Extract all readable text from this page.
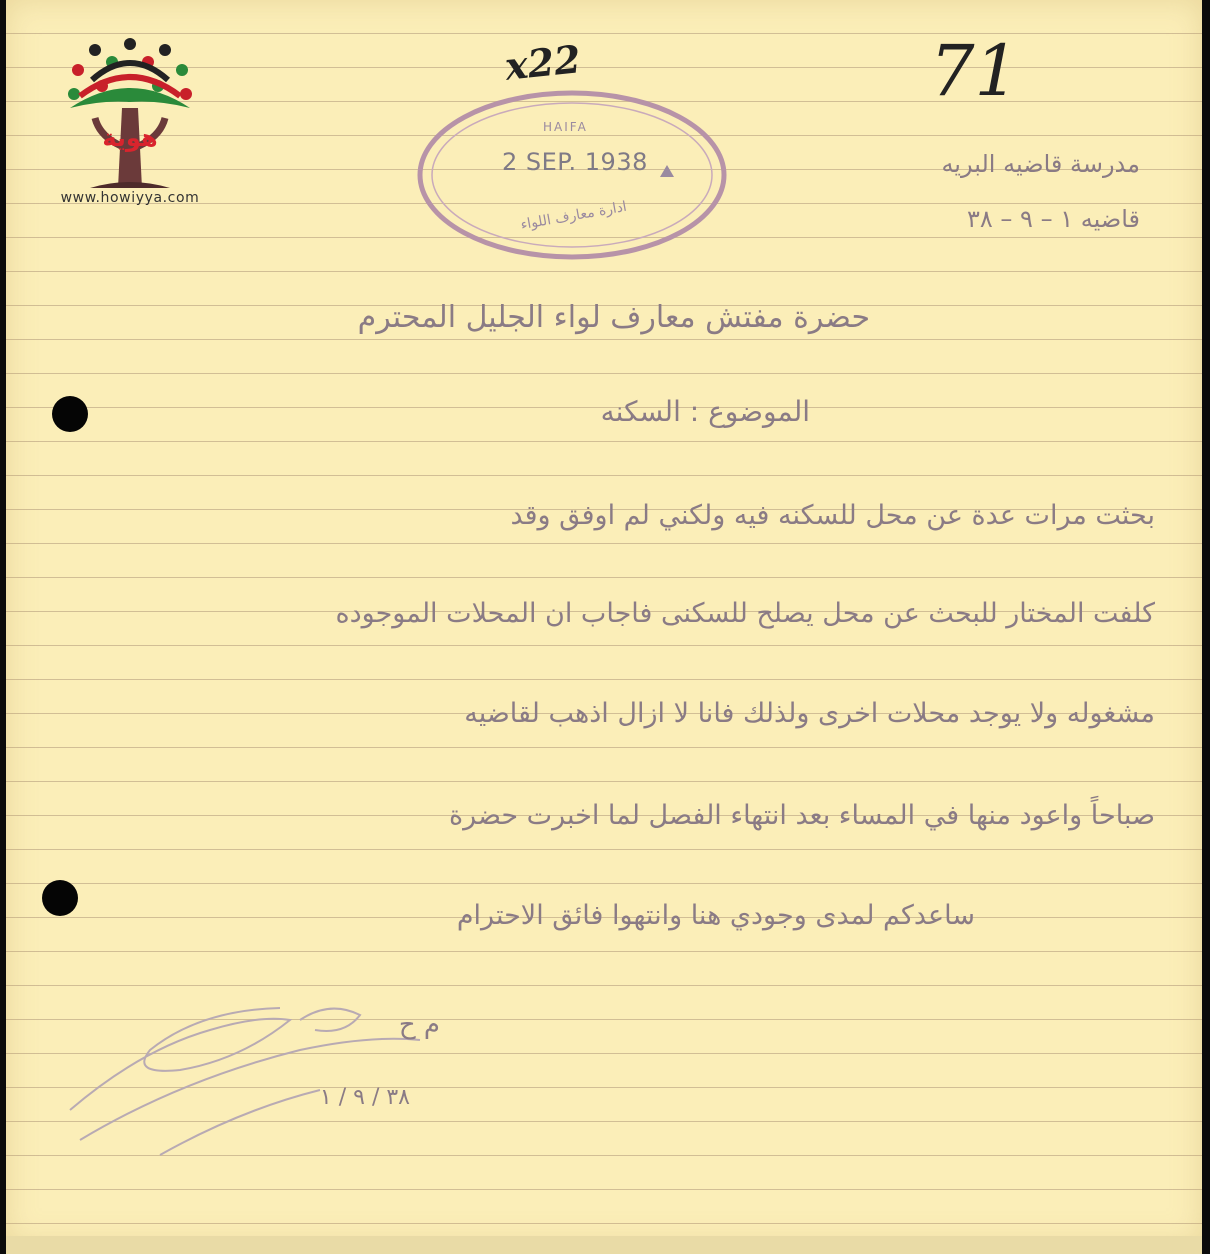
هوية
www.howiyya.com
x22	71
HAIFA
2 SEP. 1938
ادارة معارف اللواء
مدرسة قاضيه البريه
قاضيه ١ – ٩ – ٣٨
حضرة مفتش معارف لواء الجليل المحترم
الموضوع : السكنه
بحثت مرات عدة عن محل للسكنه فيه ولكني لم اوفق وقد
كلفت المختار للبحث عن محل يصلح للسكنى فاجاب ان المحلات الموجوده
مشغوله ولا يوجد محلات اخرى ولذلك فانا لا ازال اذهب لقاضيه
صباحاً واعود منها في المساء بعد انتهاء الفصل لما اخبرت حضرة
ساعدكم لمدى وجودي هنا وانتهوا فائق الاحترام
م ح
٣٨ / ٩ / ١
